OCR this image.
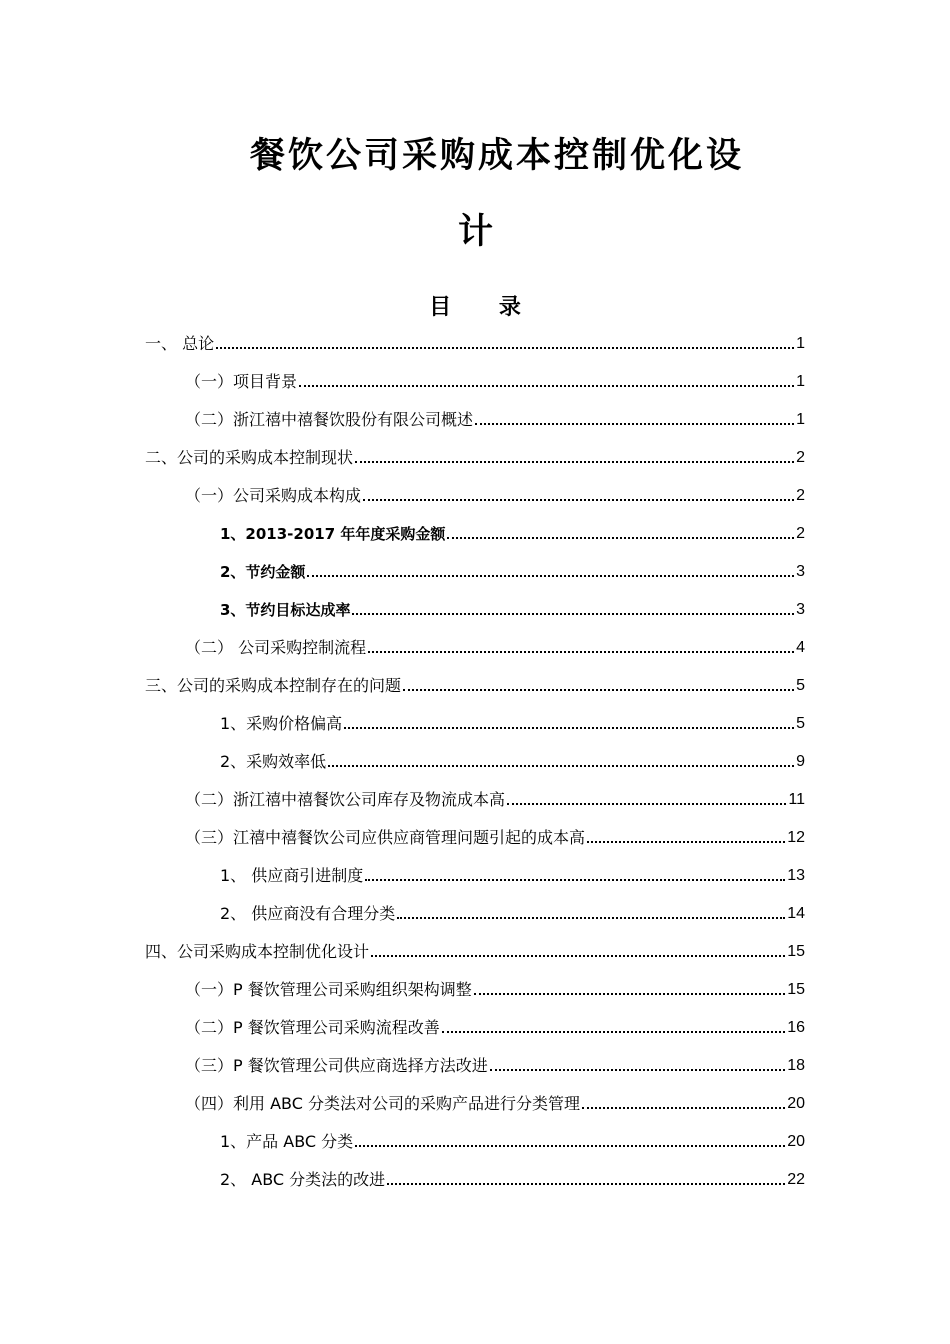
餐饮公司采购成本控制优化设
计
目 录
一、 总论	1
（一）项目背景	1
（二）浙江禧中禧餐饮股份有限公司概述	1
二、公司的采购成本控制现状	2
（一）公司采购成本构成	2
1、2013-2017 年年度采购金额	2
2、节约金额	3
3、节约目标达成率	3
（二） 公司采购控制流程	4
三、公司的采购成本控制存在的问题	5
1、采购价格偏高	5
2、采购效率低	9
（二）浙江禧中禧餐饮公司库存及物流成本高	11
（三）江禧中禧餐饮公司应供应商管理问题引起的成本高	12
1、 供应商引进制度	13
2、 供应商没有合理分类	14
四、公司采购成本控制优化设计	15
（一）P 餐饮管理公司采购组织架构调整	15
（二）P 餐饮管理公司采购流程改善	16
（三）P 餐饮管理公司供应商选择方法改进	18
（四）利用 ABC 分类法对公司的采购产品进行分类管理	20
1、产品 ABC 分类	20
2、 ABC 分类法的改进	22
